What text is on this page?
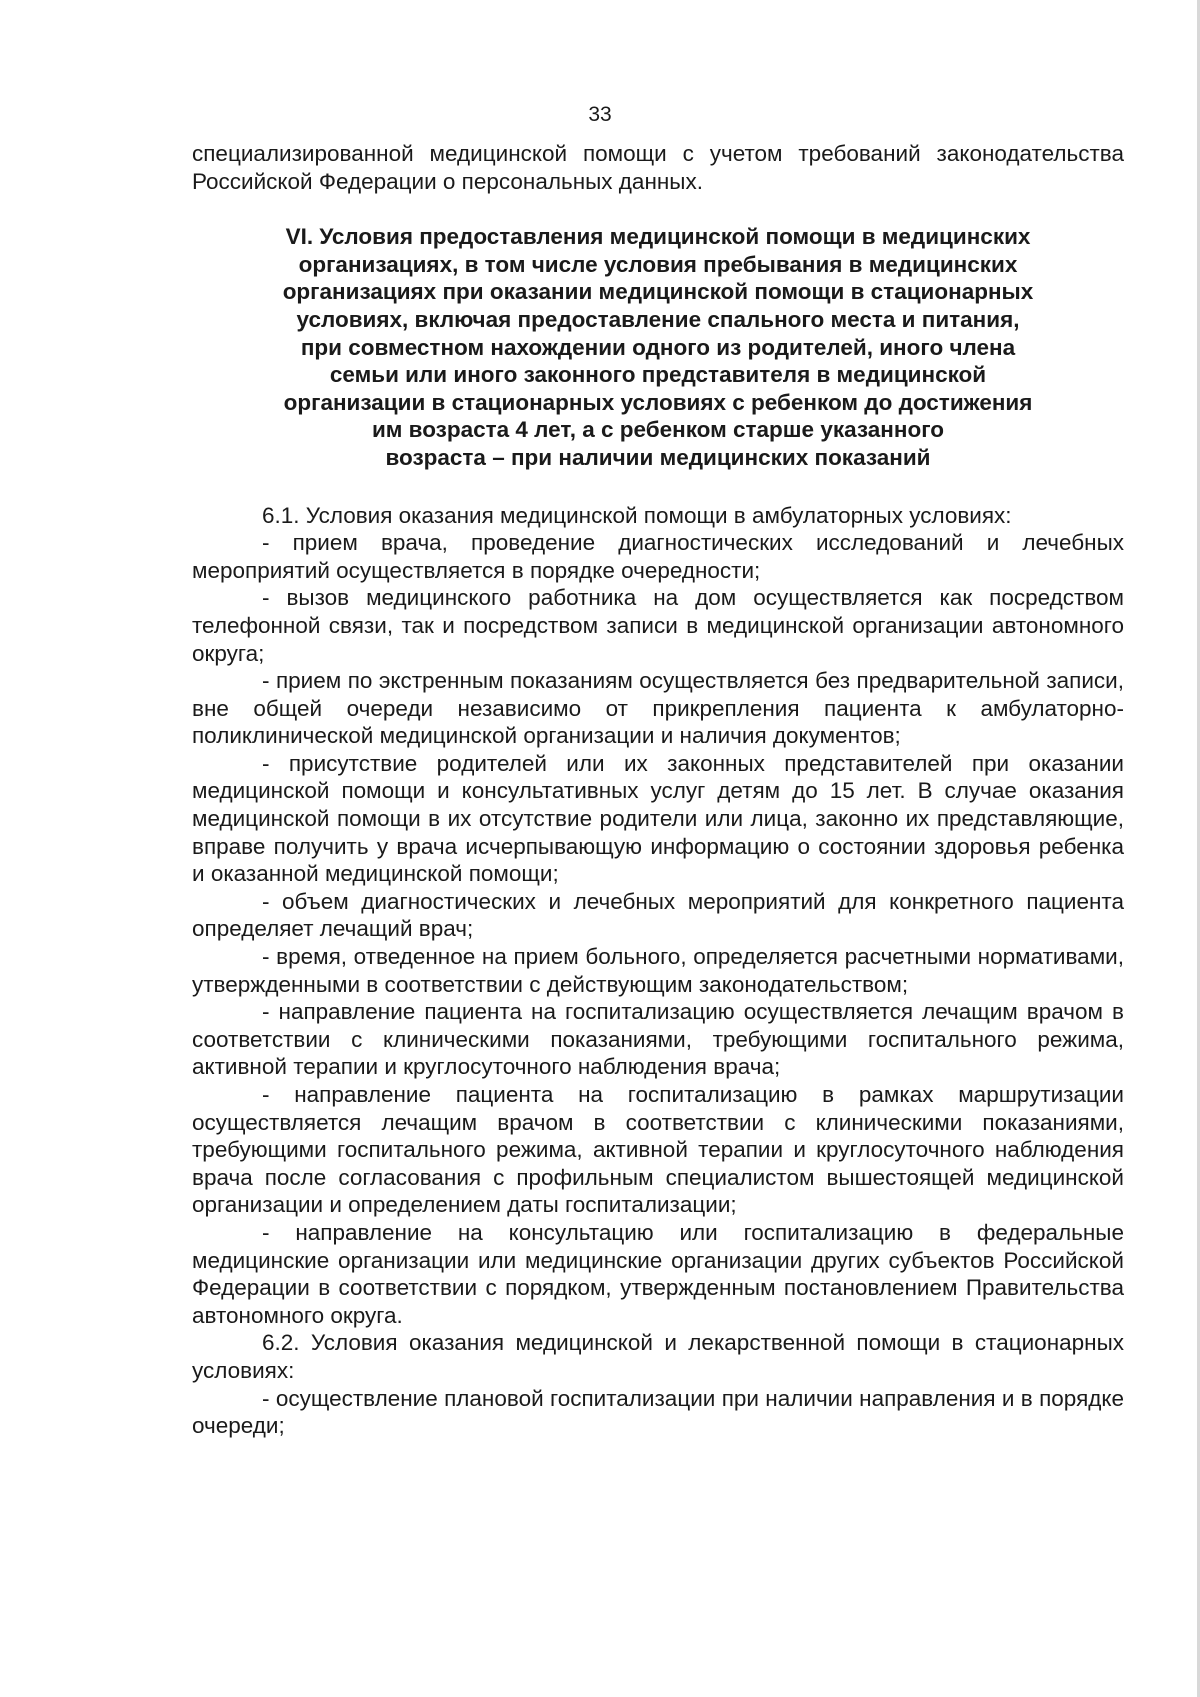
33

специализированной медицинской помощи с учетом требований законодательства Российской Федерации о персональных данных.

VI. Условия предоставления медицинской помощи в медицинских
организациях, в том числе условия пребывания в медицинских
организациях при оказании медицинской помощи в стационарных
условиях, включая предоставление спального места и питания,
при совместном нахождении одного из родителей, иного члена
семьи или иного законного представителя в медицинской
организации в стационарных условиях с ребенком до достижения
им возраста 4 лет, а с ребенком старше указанного
возраста – при наличии медицинских показаний

6.1. Условия оказания медицинской помощи в амбулаторных условиях:

- прием врача, проведение диагностических исследований и лечебных мероприятий осуществляется в порядке очередности;

- вызов медицинского работника на дом осуществляется как посредством телефонной связи, так и посредством записи в медицинской организации автономного округа;

- прием по экстренным показаниям осуществляется без предварительной записи, вне общей очереди независимо от прикрепления пациента к амбулаторно-поликлинической медицинской организации и наличия документов;

- присутствие родителей или их законных представителей при оказании медицинской помощи и консультативных услуг детям до 15 лет. В случае оказания медицинской помощи в их отсутствие родители или лица, законно их представляющие, вправе получить у врача исчерпывающую информацию о состоянии здоровья ребенка и оказанной медицинской помощи;

- объем диагностических и лечебных мероприятий для конкретного пациента определяет лечащий врач;

- время, отведенное на прием больного, определяется расчетными нормативами, утвержденными в соответствии с действующим законодательством;

- направление пациента на госпитализацию осуществляется лечащим врачом в соответствии с клиническими показаниями, требующими госпитального режима, активной терапии и круглосуточного наблюдения врача;

- направление пациента на госпитализацию в рамках маршрутизации осуществляется лечащим врачом в соответствии с клиническими показаниями, требующими госпитального режима, активной терапии и круглосуточного наблюдения врача после согласования с профильным специалистом вышестоящей медицинской организации и определением даты госпитализации;

- направление на консультацию или госпитализацию в федеральные медицинские организации или медицинские организации других субъектов Российской Федерации в соответствии с порядком, утвержденным постановлением Правительства автономного округа.

6.2. Условия оказания медицинской и лекарственной помощи в стационарных условиях:

- осуществление плановой госпитализации при наличии направления и в порядке очереди;
